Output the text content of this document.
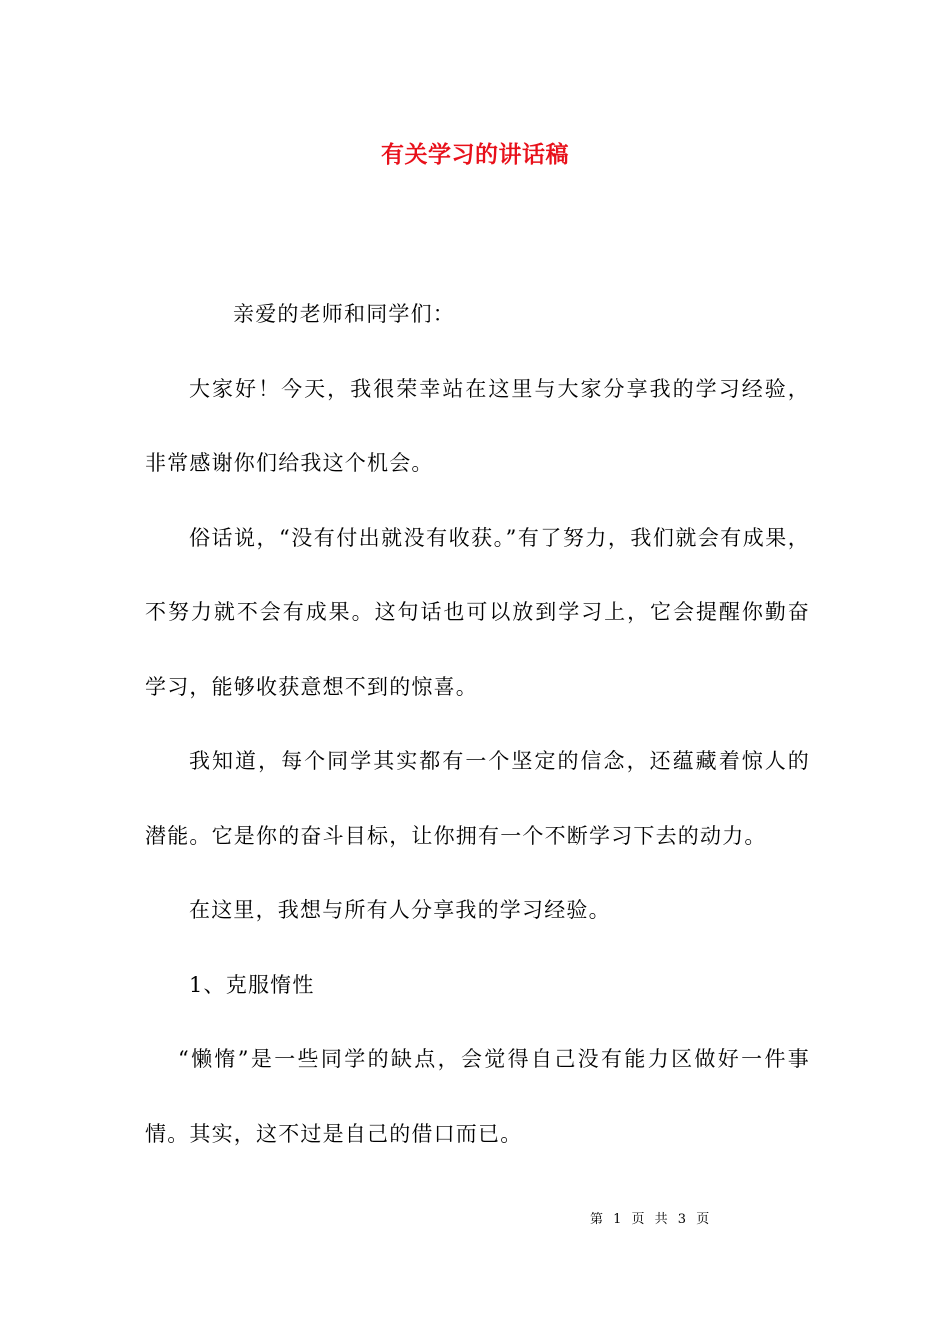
有关学习的讲话稿

亲爱的老师和同学们：

大家好！今天，我很荣幸站在这里与大家分享我的学习经验，非常感谢你们给我这个机会。

俗话说，“没有付出就没有收获。”有了努力，我们就会有成果，不努力就不会有成果。这句话也可以放到学习上，它会提醒你勤奋学习，能够收获意想不到的惊喜。

我知道，每个同学其实都有一个坚定的信念，还蕴藏着惊人的潜能。它是你的奋斗目标，让你拥有一个不断学习下去的动力。

在这里，我想与所有人分享我的学习经验。

1、克服惰性

“懒惰”是一些同学的缺点，会觉得自己没有能力区做好一件事情。其实，这不过是自己的借口而已。

第 1 页 共 3 页
